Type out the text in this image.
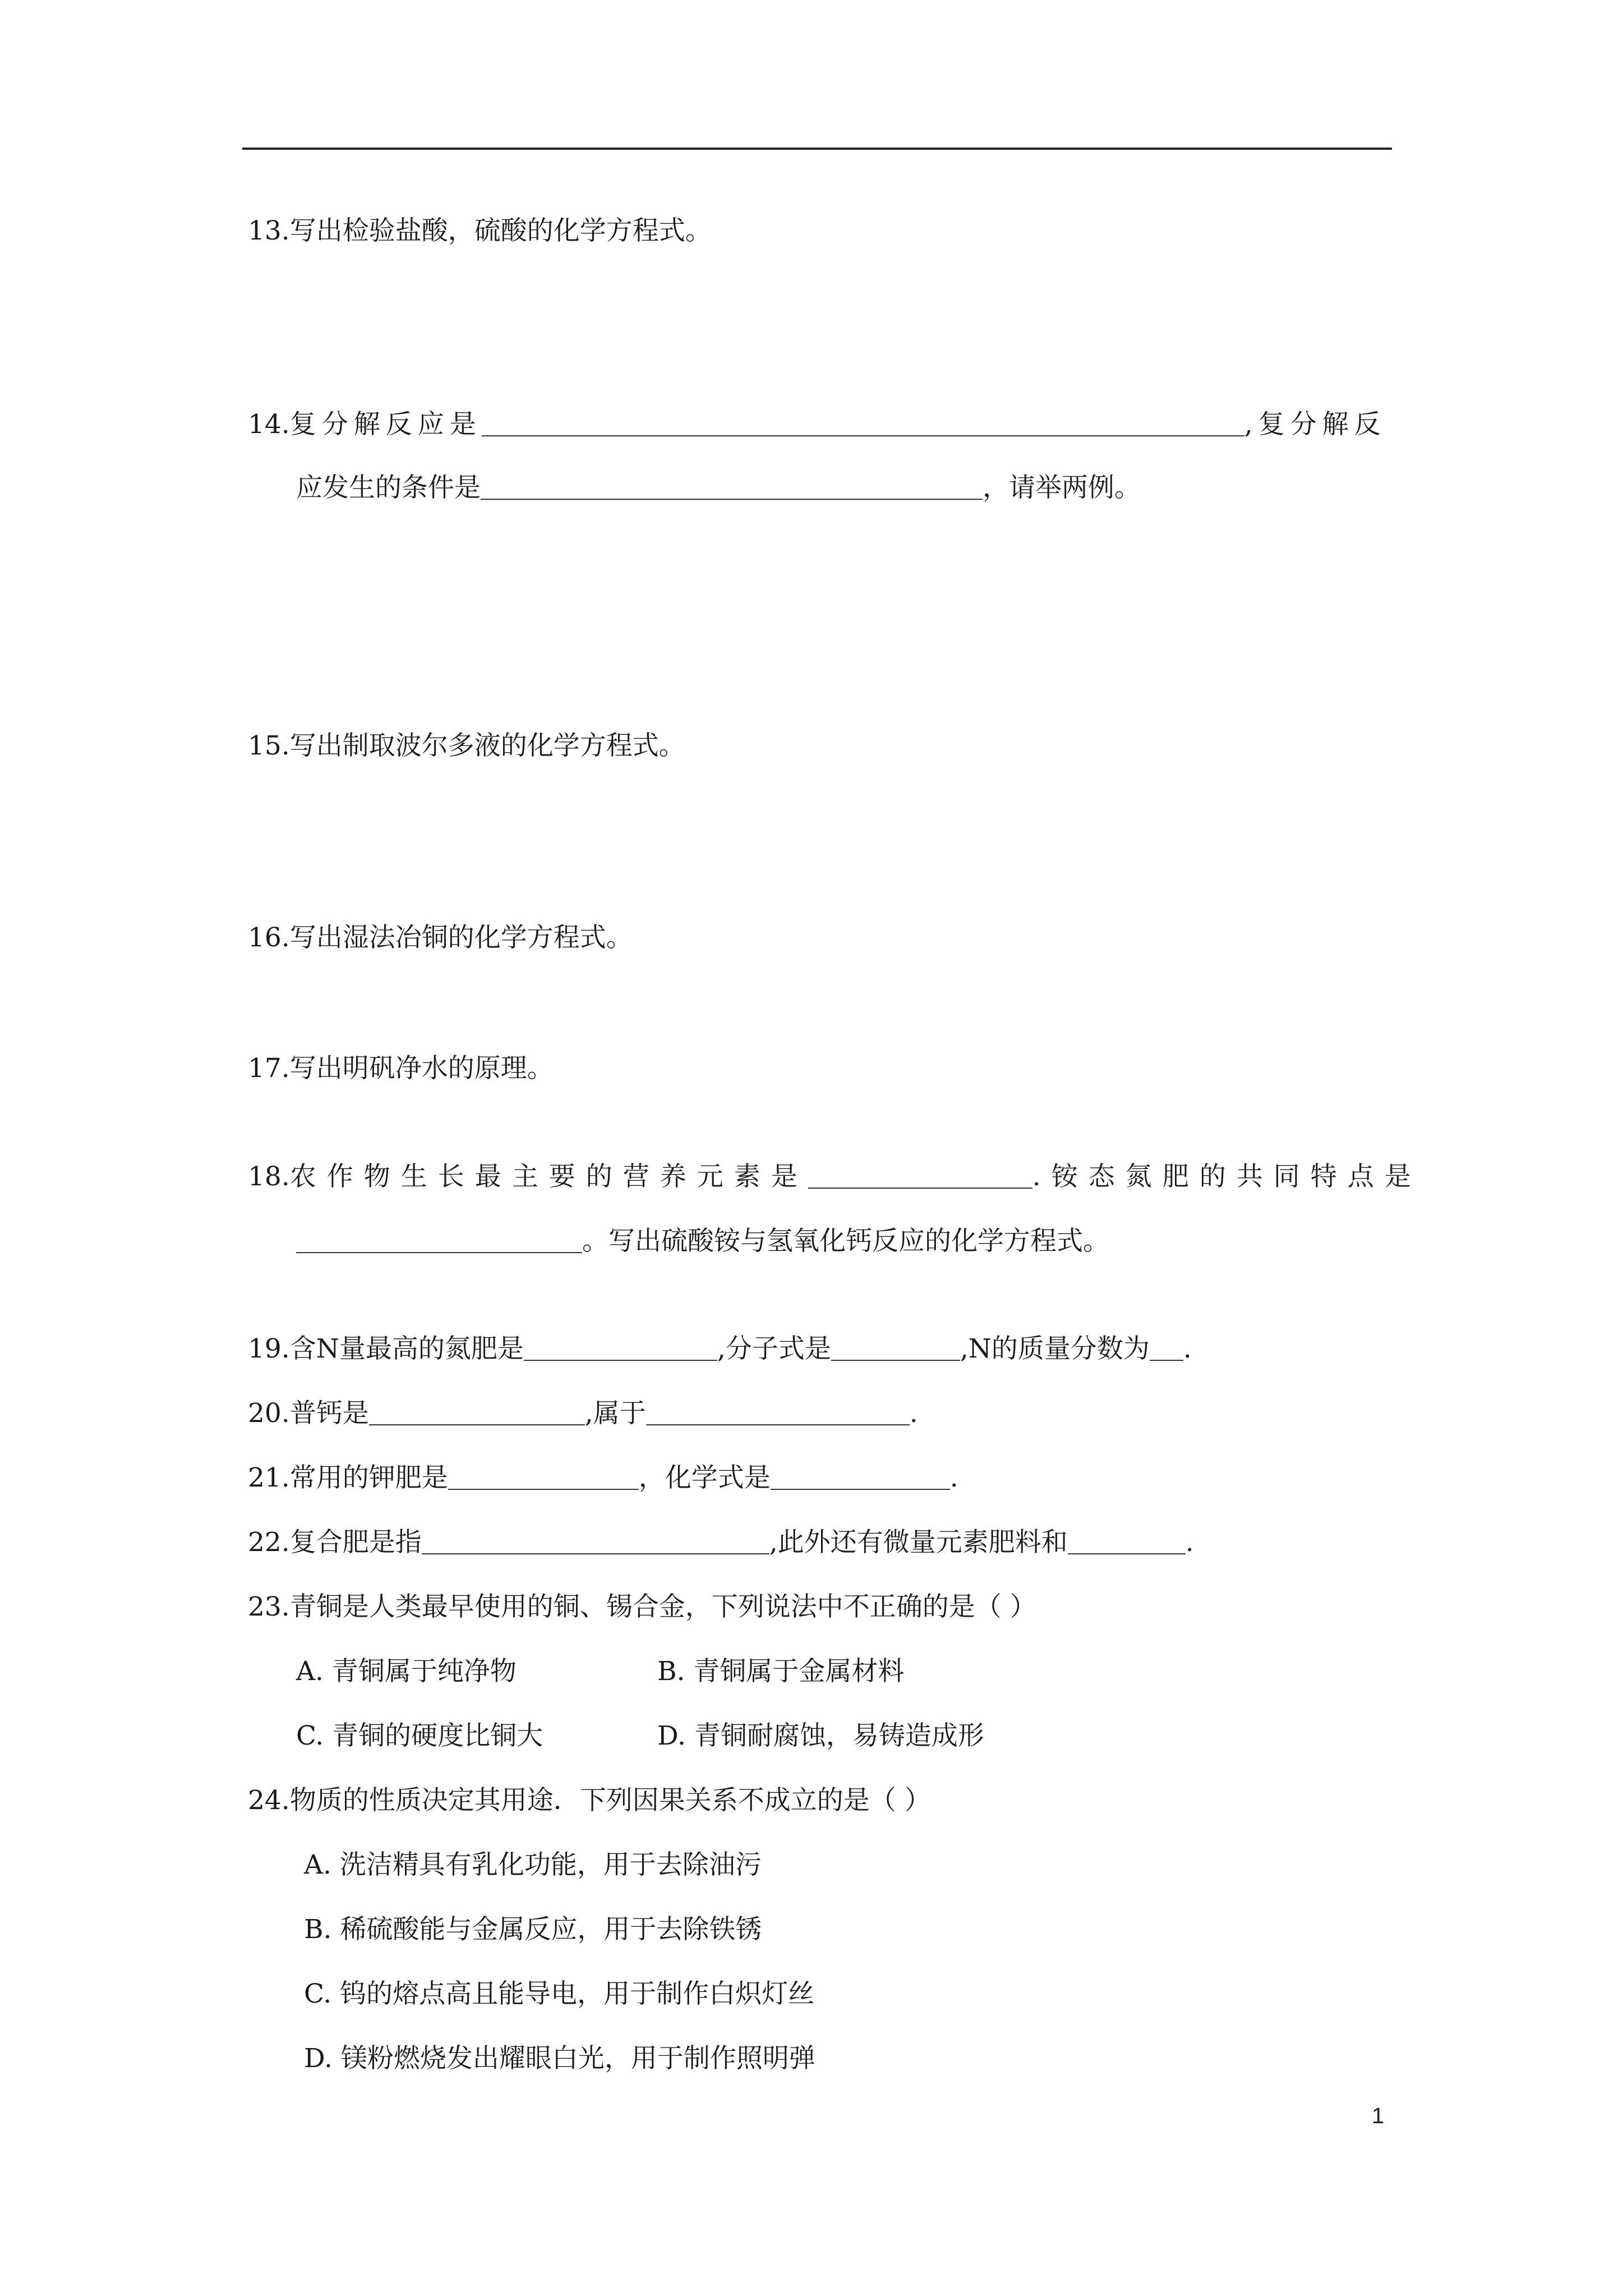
13.写出检验盐酸，硫酸的化学方程式。
14.复分解反应是	,复分解反
应发生的条件是	，请举两例。
15.写出制取波尔多液的化学方程式。
16.写出湿法冶铜的化学方程式。
17.写出明矾净水的原理。
18.农作物生长最主要的营养元素是	.铵态氮肥的共同特点是
。写出硫酸铵与氢氧化钙反应的化学方程式。
19.含N量最高的氮肥是	,分子式是	,N的质量分数为 .
20.普钙是	,属于	.
21.常用的钾肥是	，化学式是	.
22.复合肥是指	,此外还有微量元素肥料和	.
23.青铜是人类最早使用的铜、锡合金，下列说法中不正确的是（ ）
A. 青铜属于纯净物	B. 青铜属于金属材料
C. 青铜的硬度比铜大	D. 青铜耐腐蚀，易铸造成形
24.物质的性质决定其用途．下列因果关系不成立的是（ ）
A. 洗洁精具有乳化功能，用于去除油污
B. 稀硫酸能与金属反应，用于去除铁锈
C. 钨的熔点高且能导电，用于制作白炽灯丝
D. 镁粉燃烧发出耀眼白光，用于制作照明弹
1
